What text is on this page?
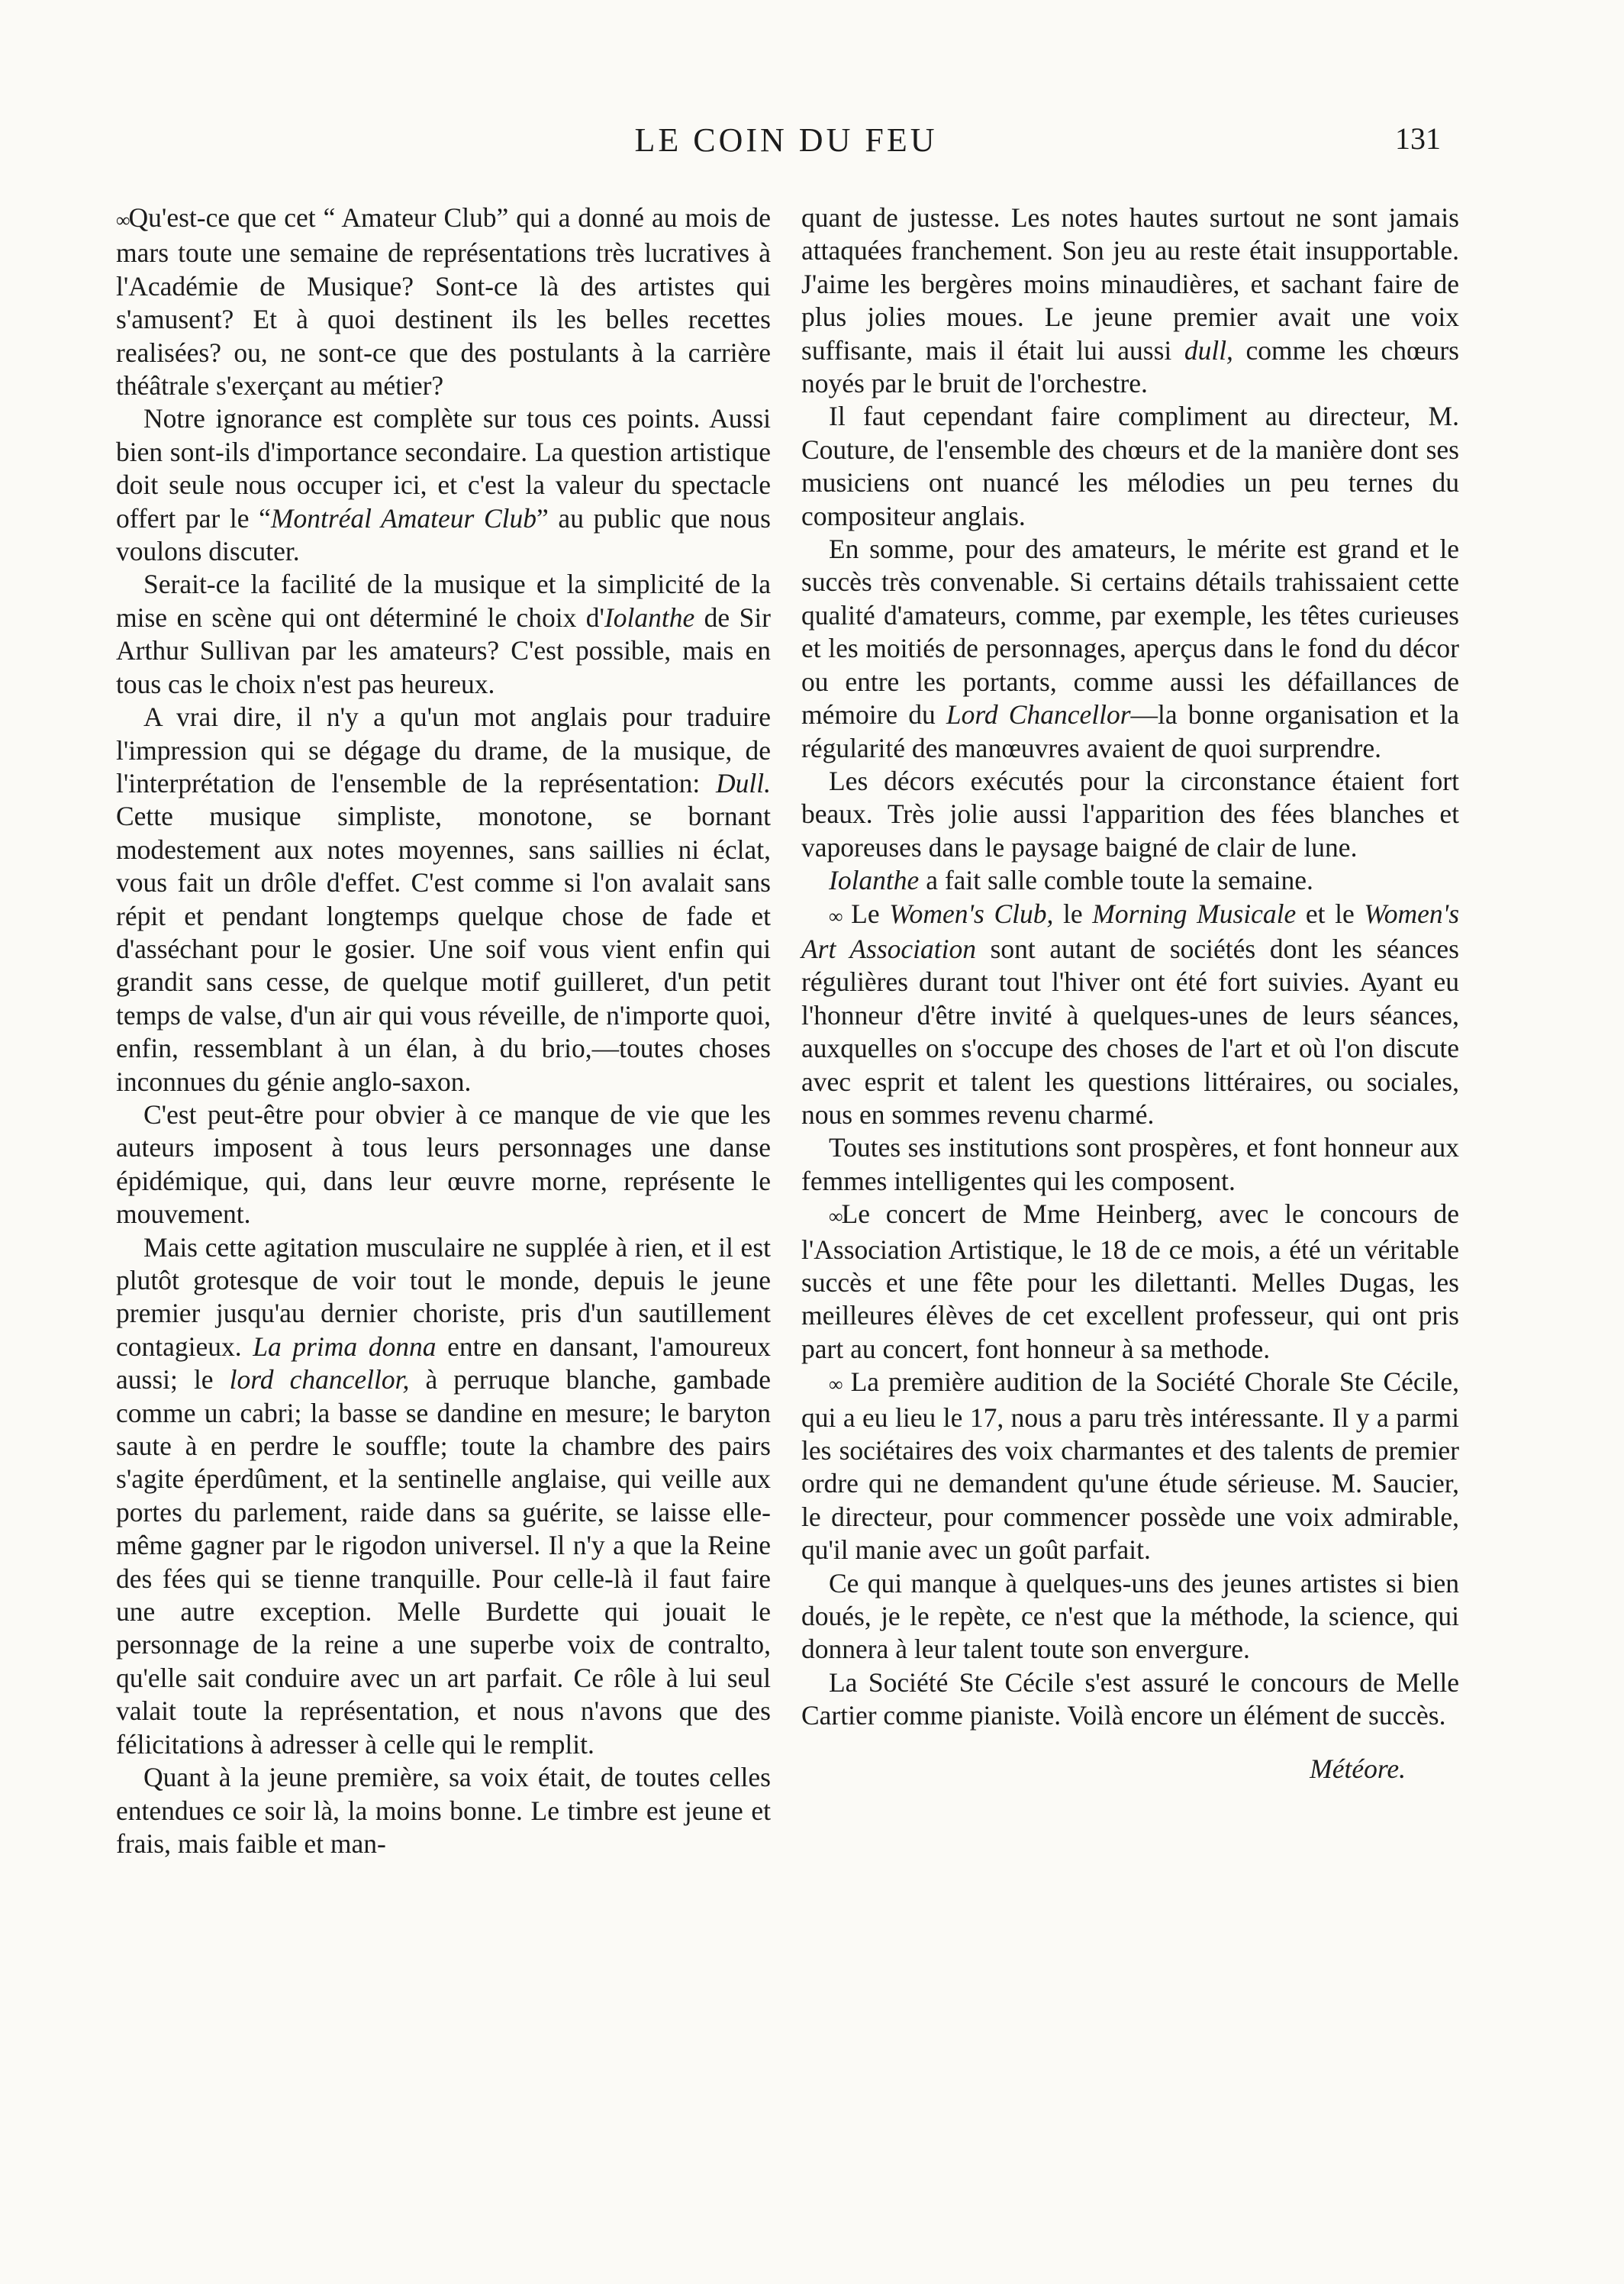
LE COIN DU FEU	131

∞Qu'est-ce que cet “ Amateur Club” qui a donné au mois de mars toute une semaine de représentations très lucratives à l'Académie de Musique? Sont-ce là des artistes qui s'amusent? Et à quoi destinent ils les belles recettes realisées? ou, ne sont-ce que des postulants à la carrière théâtrale s'exerçant au métier?

Notre ignorance est complète sur tous ces points. Aussi bien sont-ils d'importance secondaire. La question artistique doit seule nous occuper ici, et c'est la valeur du spectacle offert par le “Montréal Amateur Club” au public que nous voulons discuter.

Serait-ce la facilité de la musique et la simplicité de la mise en scène qui ont déterminé le choix d'Iolanthe de Sir Arthur Sullivan par les amateurs? C'est possible, mais en tous cas le choix n'est pas heureux.

A vrai dire, il n'y a qu'un mot anglais pour traduire l'impression qui se dégage du drame, de la musique, de l'interprétation de l'ensemble de la représentation: Dull. Cette musique simpliste, monotone, se bornant modestement aux notes moyennes, sans saillies ni éclat, vous fait un drôle d'effet. C'est comme si l'on avalait sans répit et pendant longtemps quelque chose de fade et d'asséchant pour le gosier. Une soif vous vient enfin qui grandit sans cesse, de quelque motif guilleret, d'un petit temps de valse, d'un air qui vous réveille, de n'importe quoi, enfin, ressemblant à un élan, à du brio,—toutes choses inconnues du génie anglo-saxon.

C'est peut-être pour obvier à ce manque de vie que les auteurs imposent à tous leurs personnages une danse épidémique, qui, dans leur œuvre morne, représente le mouvement.

Mais cette agitation musculaire ne supplée à rien, et il est plutôt grotesque de voir tout le monde, depuis le jeune premier jusqu'au dernier choriste, pris d'un sautillement contagieux. La prima donna entre en dansant, l'amoureux aussi; le lord chancellor, à perruque blanche, gambade comme un cabri; la basse se dandine en mesure; le baryton saute à en perdre le souffle; toute la chambre des pairs s'agite éperdûment, et la sentinelle anglaise, qui veille aux portes du parlement, raide dans sa guérite, se laisse elle-même gagner par le rigodon universel. Il n'y a que la Reine des fées qui se tienne tranquille. Pour celle-là il faut faire une autre exception. Melle Burdette qui jouait le personnage de la reine a une superbe voix de contralto, qu'elle sait conduire avec un art parfait. Ce rôle à lui seul valait toute la représentation, et nous n'avons que des félicitations à adresser à celle qui le remplit.

Quant à la jeune première, sa voix était, de toutes celles entendues ce soir là, la moins bonne. Le timbre est jeune et frais, mais faible et man-

quant de justesse. Les notes hautes surtout ne sont jamais attaquées franchement. Son jeu au reste était insupportable. J'aime les bergères moins minaudières, et sachant faire de plus jolies moues. Le jeune premier avait une voix suffisante, mais il était lui aussi dull, comme les chœurs noyés par le bruit de l'orchestre.

Il faut cependant faire compliment au directeur, M. Couture, de l'ensemble des chœurs et de la manière dont ses musiciens ont nuancé les mélodies un peu ternes du compositeur anglais.

En somme, pour des amateurs, le mérite est grand et le succès très convenable. Si certains détails trahissaient cette qualité d'amateurs, comme, par exemple, les têtes curieuses et les moitiés de personnages, aperçus dans le fond du décor ou entre les portants, comme aussi les défaillances de mémoire du Lord Chancellor—la bonne organisation et la régularité des manœuvres avaient de quoi surprendre.

Les décors exécutés pour la circonstance étaient fort beaux. Très jolie aussi l'apparition des fées blanches et vaporeuses dans le paysage baigné de clair de lune.

Iolanthe a fait salle comble toute la semaine.

∞ Le Women's Club, le Morning Musicale et le Women's Art Association sont autant de sociétés dont les séances régulières durant tout l'hiver ont été fort suivies. Ayant eu l'honneur d'être invité à quelques-unes de leurs séances, auxquelles on s'occupe des choses de l'art et où l'on discute avec esprit et talent les questions littéraires, ou sociales, nous en sommes revenu charmé.

Toutes ses institutions sont prospères, et font honneur aux femmes intelligentes qui les composent.

∞Le concert de Mme Heinberg, avec le concours de l'Association Artistique, le 18 de ce mois, a été un véritable succès et une fête pour les dilettanti. Melles Dugas, les meilleures élèves de cet excellent professeur, qui ont pris part au concert, font honneur à sa methode.

∞ La première audition de la Société Chorale Ste Cécile, qui a eu lieu le 17, nous a paru très intéressante. Il y a parmi les sociétaires des voix charmantes et des talents de premier ordre qui ne demandent qu'une étude sérieuse. M. Saucier, le directeur, pour commencer possède une voix admirable, qu'il manie avec un goût parfait.

Ce qui manque à quelques-uns des jeunes artistes si bien doués, je le repète, ce n'est que la méthode, la science, qui donnera à leur talent toute son envergure.

La Société Ste Cécile s'est assuré le concours de Melle Cartier comme pianiste. Voilà encore un élément de succès.

Météore.
